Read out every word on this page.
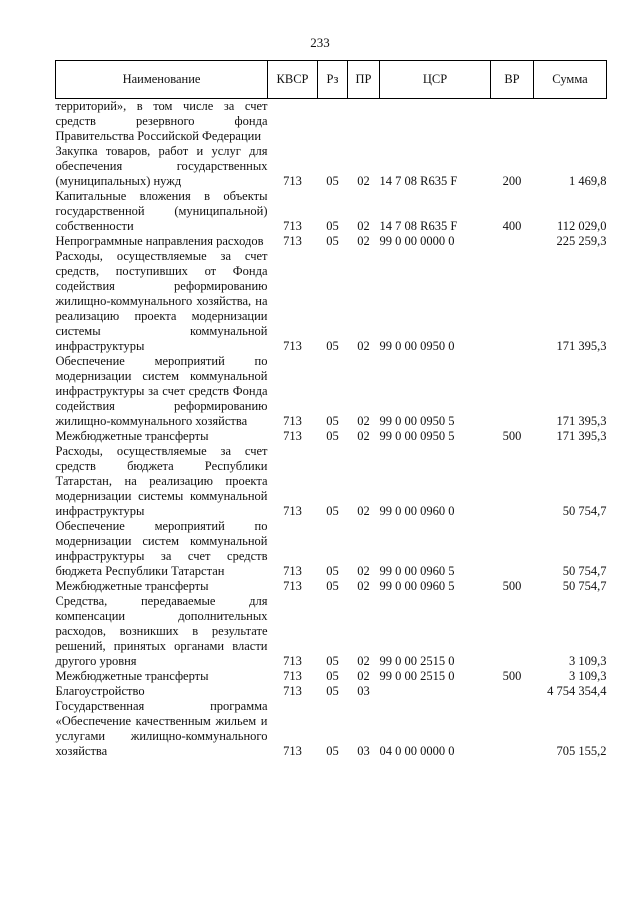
233
Наименование	КВСР	Рз	ПР	ЦСР	ВР	Сумма
территорий», в том числе за счет средств резервного фонда Правительства Российской Федерации						
Закупка товаров, работ и услуг для обеспечения государственных (муниципальных) нужд	713	05	02	14 7 08 R635 F	200	1 469,8
Капитальные вложения в объекты государственной (муниципальной) собственности	713	05	02	14 7 08 R635 F	400	112 029,0
Непрограммные направления расходов	713	05	02	99 0 00 0000 0		225 259,3
Расходы, осуществляемые за счет средств, поступивших от Фонда содействия реформированию жилищно-коммунального хозяйства, на реализацию проекта модернизации системы коммунальной инфраструктуры	713	05	02	99 0 00 0950 0		171 395,3
Обеспечение мероприятий по модернизации систем коммунальной инфраструктуры за счет средств Фонда содействия реформированию жилищно-коммунального хозяйства	713	05	02	99 0 00 0950 5		171 395,3
Межбюджетные трансферты	713	05	02	99 0 00 0950 5	500	171 395,3
Расходы, осуществляемые за счет средств бюджета Республики Татарстан, на реализацию проекта модернизации системы коммунальной инфраструктуры	713	05	02	99 0 00 0960 0		50 754,7
Обеспечение мероприятий по модернизации систем коммунальной инфраструктуры за счет средств бюджета Республики Татарстан	713	05	02	99 0 00 0960 5		50 754,7
Межбюджетные трансферты	713	05	02	99 0 00 0960 5	500	50 754,7
Средства, передаваемые для компенсации дополнительных расходов, возникших в результате решений, принятых органами власти другого уровня	713	05	02	99 0 00 2515 0		3 109,3
Межбюджетные трансферты	713	05	02	99 0 00 2515 0	500	3 109,3
Благоустройство	713	05	03			4 754 354,4
Государственная программа «Обеспечение качественным жильем и услугами жилищно-коммунального хозяйства	713	05	03	04 0 00 0000 0		705 155,2
